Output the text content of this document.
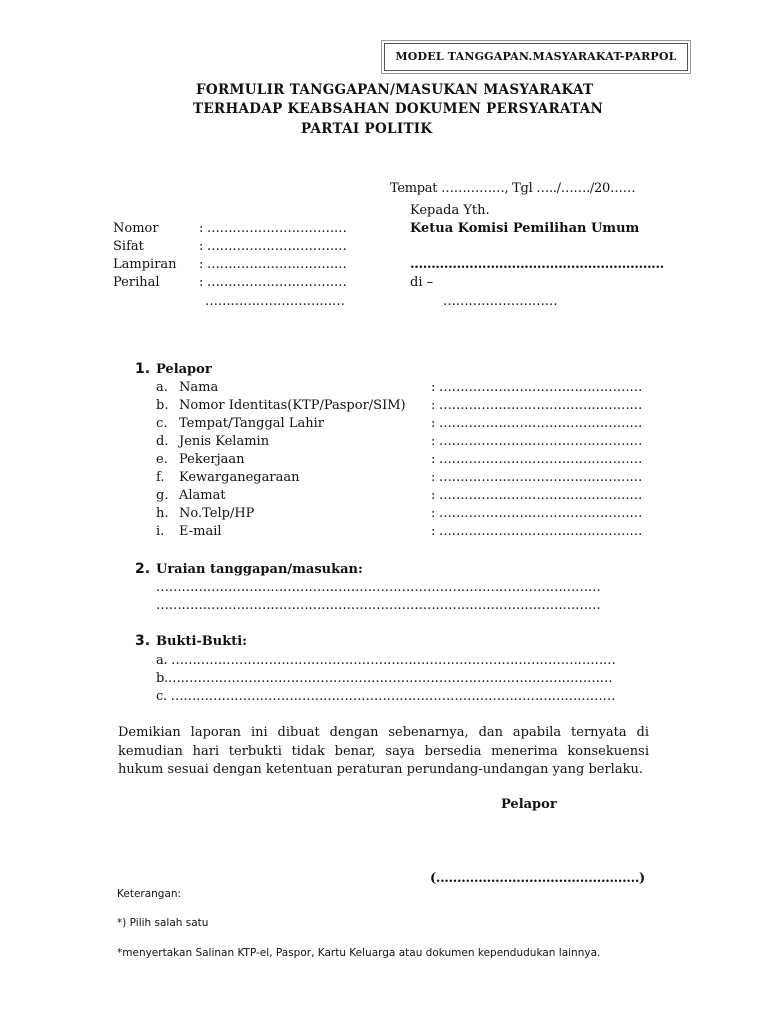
MODEL TANGGAPAN.MASYARAKAT-PARPOL
FORMULIR TANGGAPAN/MASUKAN MASYARAKAT
TERHADAP KEABSAHAN DOKUMEN PERSYARATAN
PARTAI POLITIK
Tempat ……………, Tgl …../……./20……
Kepada Yth.
Ketua Komisi Pemilihan Umum
……………………………………………………
di –
………………………
Nomor	: ……………………………
Sifat	: ……………………………
Lampiran : ……………………………
Perihal	: ……………………………
……………………………
1. Pelapor
a. Nama	: …………………………………………
b. Nomor Identitas(KTP/Paspor/SIM) : …………………………………………
c. Tempat/Tanggal Lahir	: …………………………………………
d. Jenis Kelamin	: …………………………………………
e. Pekerjaan	: …………………………………………
f. Kewarganegaraan	: …………………………………………
g. Alamat	: …………………………………………
h. No.Telp/HP	: …………………………………………
i. E-mail	: …………………………………………
2. Uraian tanggapan/masukan:
……………………………………………………………………………………………
……………………………………………………………………………………………
3. Bukti-Bukti:
a. ……………………………………………………………………………………………
b.……………………………………………………………………………………………
c. ……………………………………………………………………………………………
Demikian laporan ini dibuat dengan sebenarnya, dan apabila ternyata di kemudian hari terbukti tidak benar, saya bersedia menerima konsekuensi hukum sesuai dengan ketentuan peraturan perundang-undangan yang berlaku.
Pelapor
(…………………………………………)
Keterangan:
*) Pilih salah satu
*menyertakan Salinan KTP-el, Paspor, Kartu Keluarga atau dokumen kependudukan lainnya.
